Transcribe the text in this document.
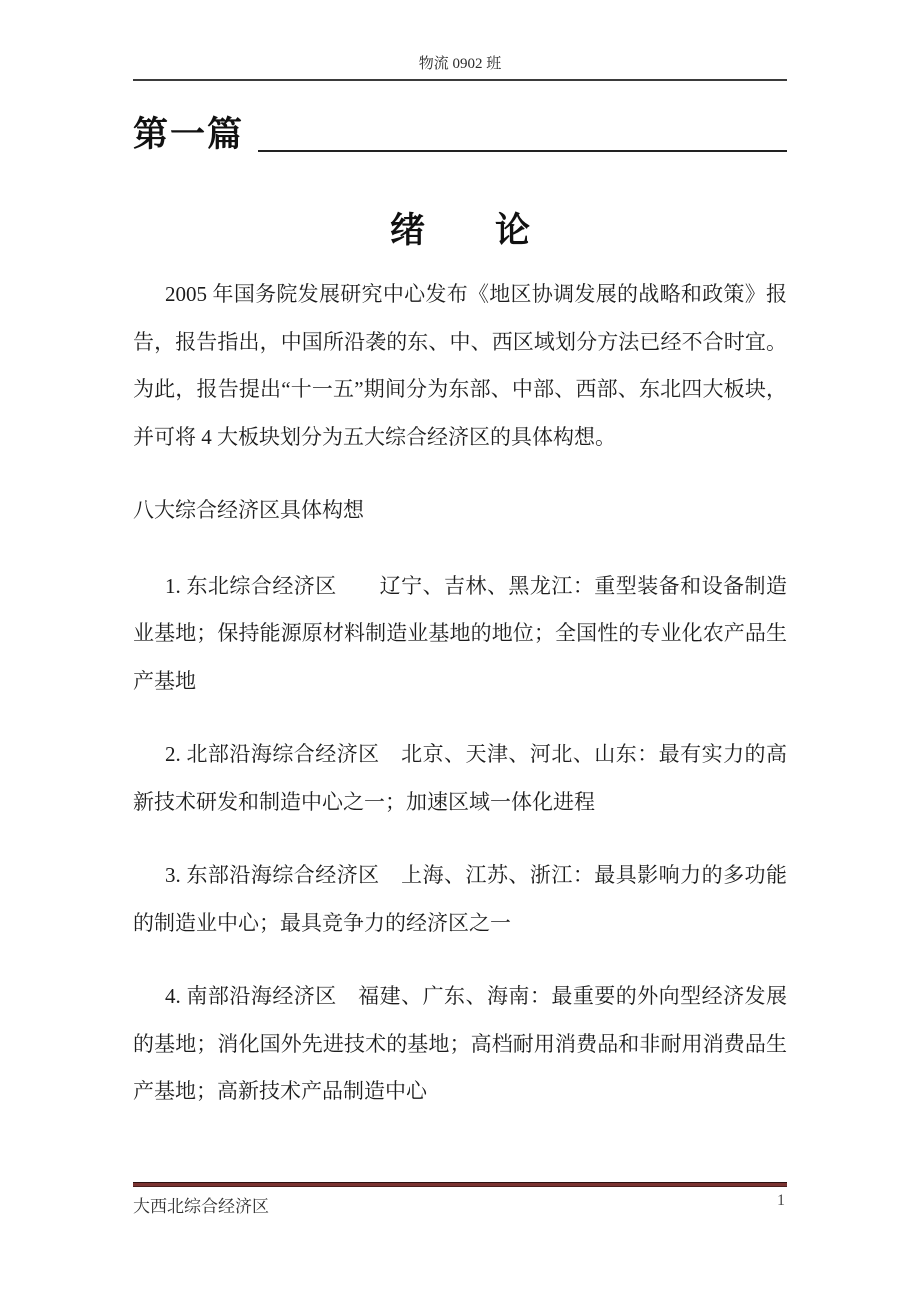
物流 0902 班
第一篇
绪　　论

2005 年国务院发展研究中心发布《地区协调发展的战略和政策》报告，报告指出，中国所沿袭的东、中、西区域划分方法已经不合时宜。为此，报告提出“十一五”期间分为东部、中部、西部、东北四大板块，并可将 4 大板块划分为五大综合经济区的具体构想。

八大综合经济区具体构想

1. 东北综合经济区　　辽宁、吉林、黑龙江：重型装备和设备制造业基地；保持能源原材料制造业基地的地位；全国性的专业化农产品生产基地

2. 北部沿海综合经济区　北京、天津、河北、山东：最有实力的高新技术研发和制造中心之一；加速区域一体化进程

3. 东部沿海综合经济区　上海、江苏、浙江：最具影响力的多功能的制造业中心；最具竞争力的经济区之一

4. 南部沿海经济区　福建、广东、海南：最重要的外向型经济发展的基地；消化国外先进技术的基地；高档耐用消费品和非耐用消费品生产基地；高新技术产品制造中心

大西北综合经济区	1
